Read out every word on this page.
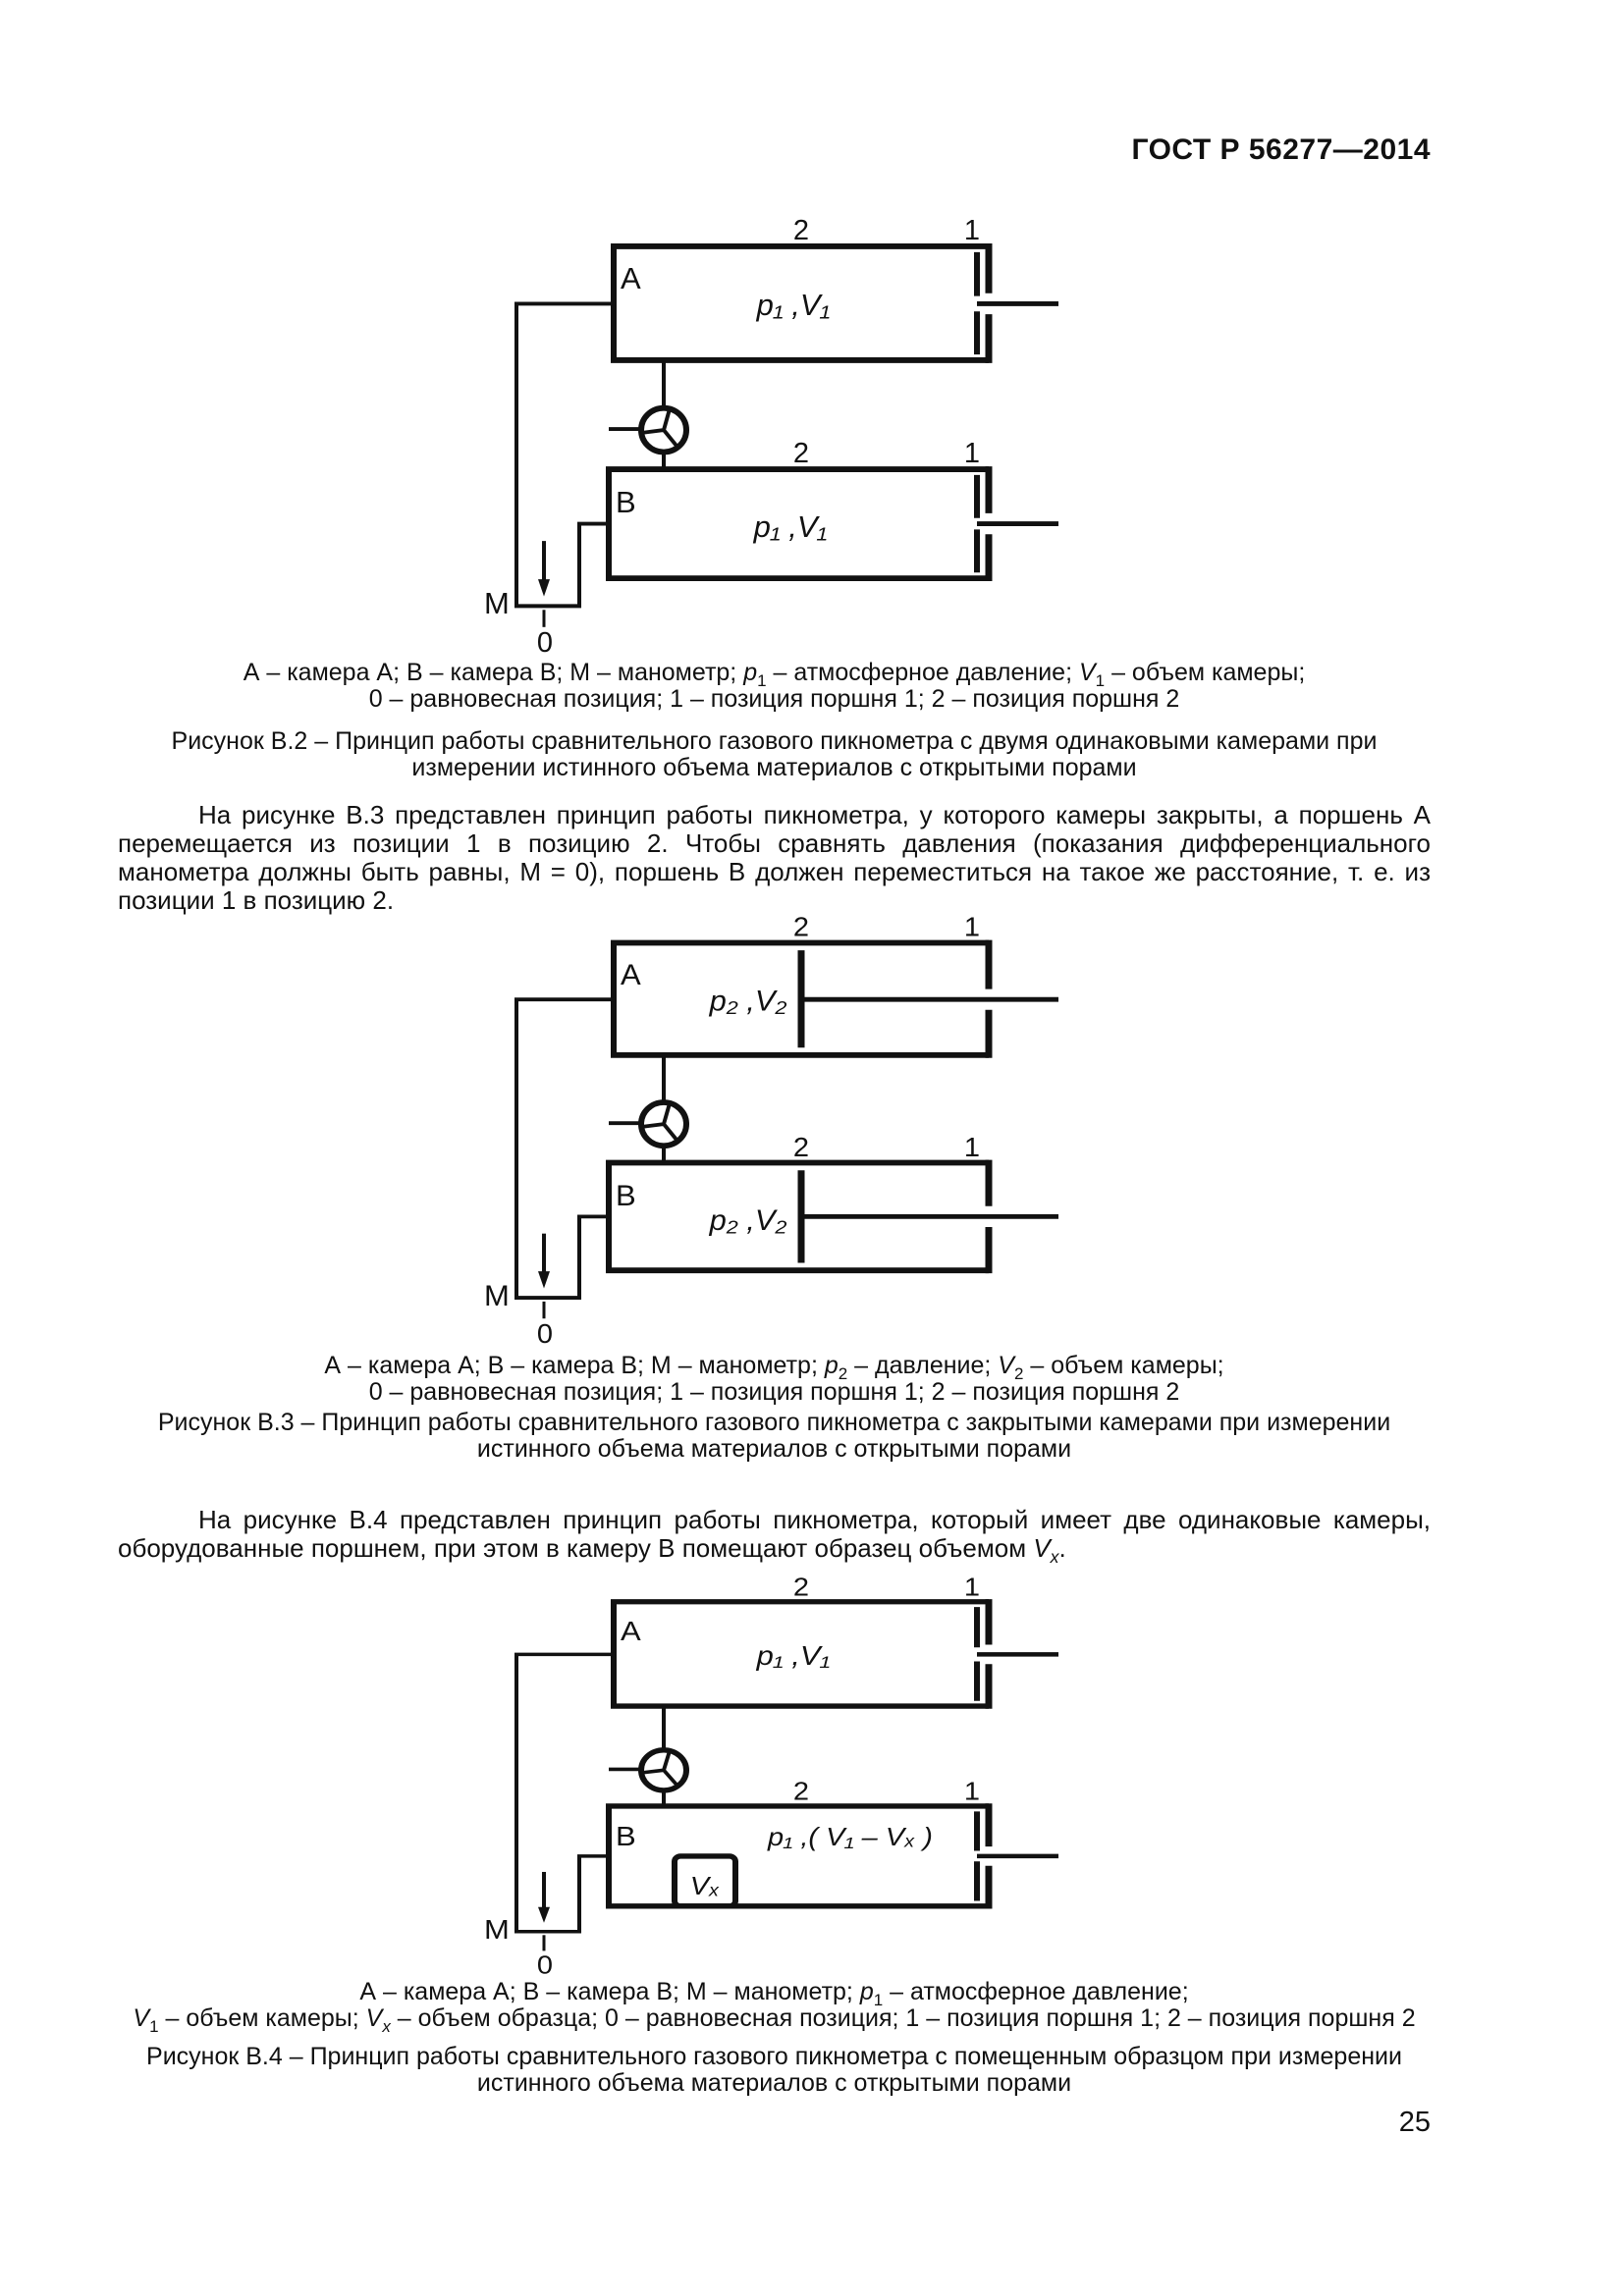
ГОСТ Р 56277—2014
2	1
A
p₁ ,V₁
2	1
B
p₁ ,V₁
M
0
А – камера А; В – камера В; М – манометр; $p_1$ – атмосферное давление; $V_1$ – объем камеры;
0 – равновесная позиция; 1 – позиция поршня 1; 2 – позиция поршня 2
Рисунок В.2 – Принцип работы сравнительного газового пикнометра с двумя одинаковыми камерами при
измерении истинного объема материалов с открытыми порами
На рисунке В.3 представлен принцип работы пикнометра, у которого камеры закрыты, а поршень А перемещается из позиции 1 в позицию 2. Чтобы сравнять давления (показания дифференциального манометра должны быть равны, М = 0), поршень В должен переместиться на такое же расстояние, т. е. из позиции 1 в позицию 2.
2	1
A
p₂ ,V₂
2	1
B
p₂ ,V₂
M
0
А – камера А; В – камера В; М – манометр; $p_2$ – давление; $V_2$ – объем камеры;
0 – равновесная позиция; 1 – позиция поршня 1; 2 – позиция поршня 2
Рисунок В.3 – Принцип работы сравнительного газового пикнометра с закрытыми камерами при измерении
истинного объема материалов с открытыми порами
На рисунке В.4 представлен принцип работы пикнометра, который имеет две одинаковые камеры, оборудованные поршнем, при этом в камеру В помещают образец объемом $V_x$.
2	1
A
p₁ ,V₁
2	1
B
Vₓ
p₁ ,( V₁ – Vₓ )
M
0
А – камера А; В – камера В; М – манометр; $p_1$ – атмосферное давление;
$V_1$ – объем камеры; $V_x$ – объем образца; 0 – равновесная позиция; 1 – позиция поршня 1; 2 – позиция поршня 2
Рисунок В.4 – Принцип работы сравнительного газового пикнометра с помещенным образцом при измерении
истинного объема материалов с открытыми порами
25
